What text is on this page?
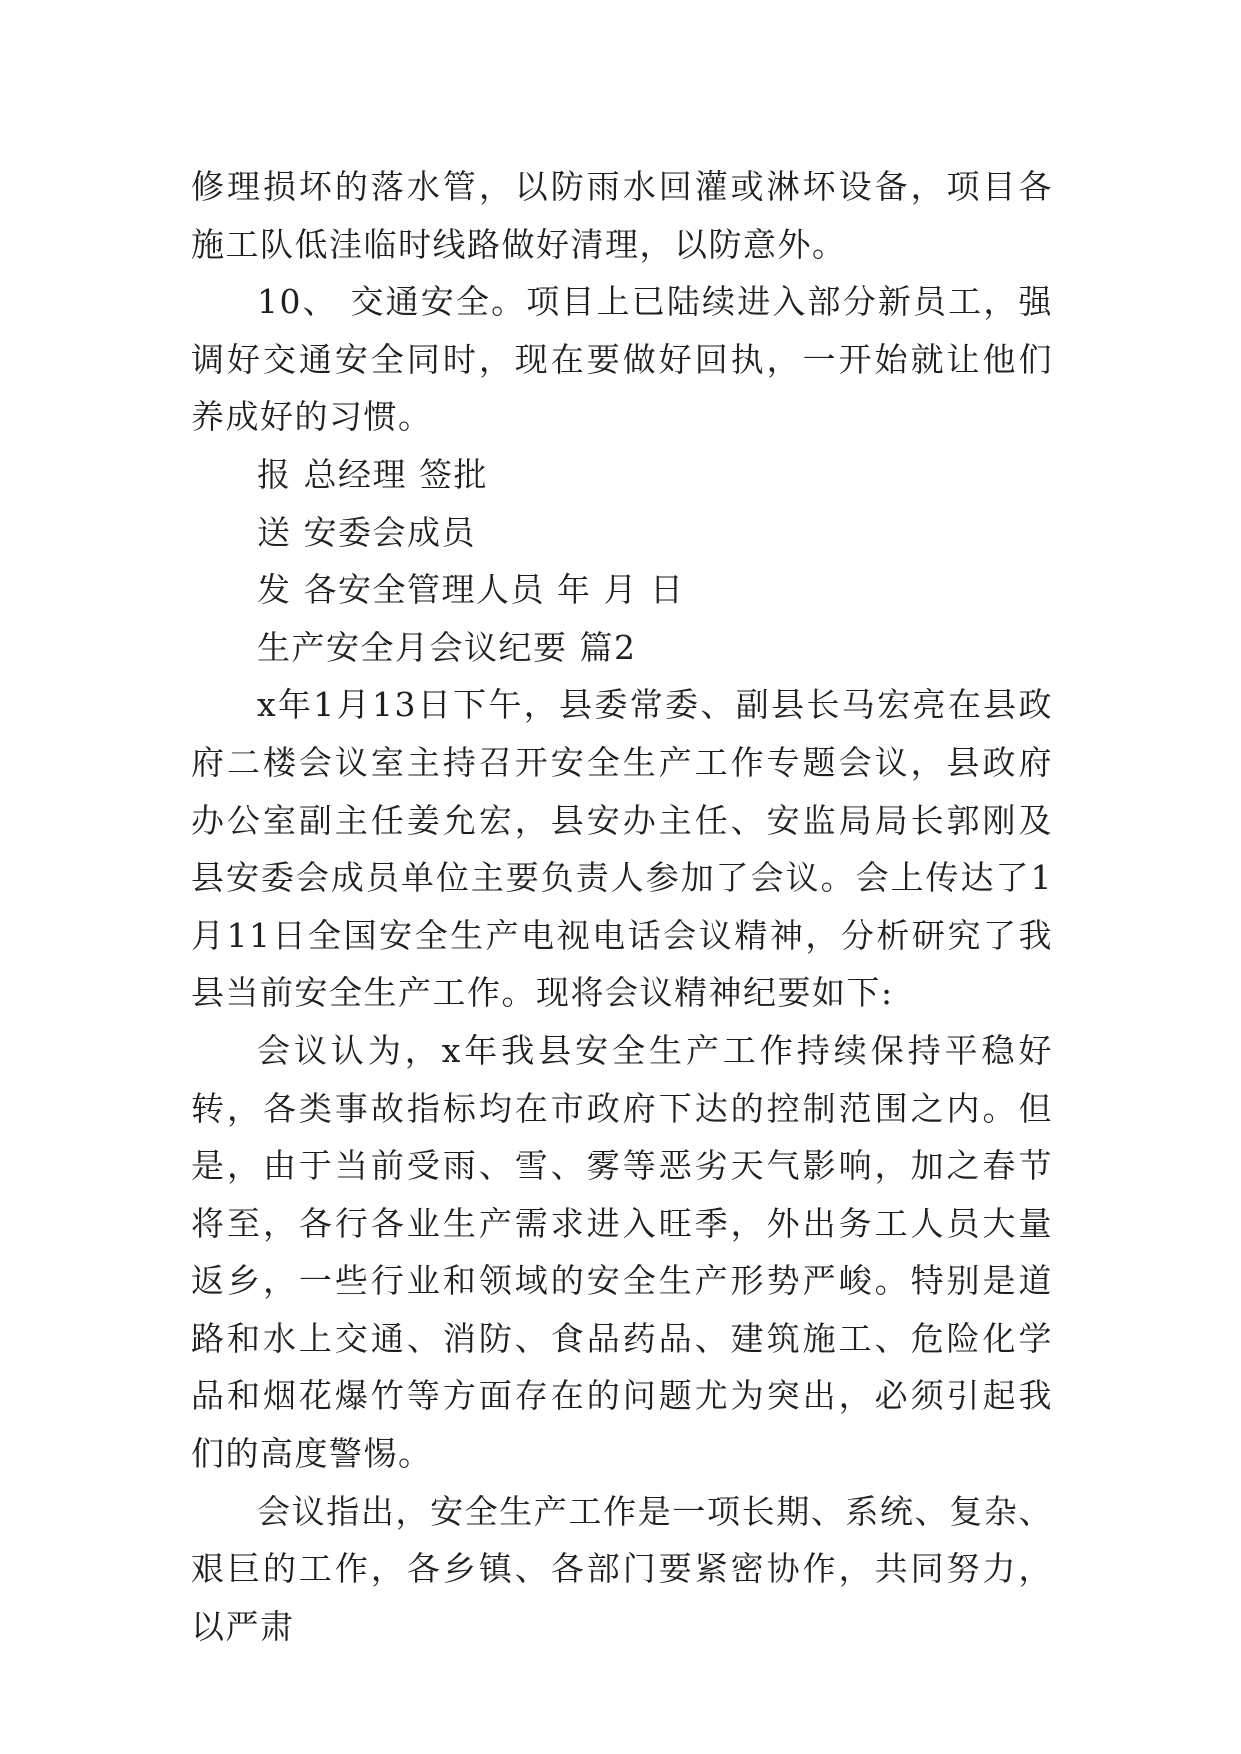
修理损坏的落水管，以防雨水回灌或淋坏设备，项目各施工队低洼临时线路做好清理，以防意外。

10、 交通安全。项目上已陆续进入部分新员工，强调好交通安全同时，现在要做好回执，一开始就让他们养成好的习惯。

报 总经理 签批

送 安委会成员

发 各安全管理人员 年 月 日

生产安全月会议纪要 篇2

x年1月13日下午，县委常委、副县长马宏亮在县政府二楼会议室主持召开安全生产工作专题会议，县政府办公室副主任姜允宏，县安办主任、安监局局长郭刚及县安委会成员单位主要负责人参加了会议。会上传达了1月11日全国安全生产电视电话会议精神，分析研究了我县当前安全生产工作。现将会议精神纪要如下:

会议认为，x年我县安全生产工作持续保持平稳好转，各类事故指标均在市政府下达的控制范围之内。但是，由于当前受雨、雪、雾等恶劣天气影响，加之春节将至，各行各业生产需求进入旺季，外出务工人员大量返乡，一些行业和领域的安全生产形势严峻。特别是道路和水上交通、消防、食品药品、建筑施工、危险化学品和烟花爆竹等方面存在的问题尤为突出，必须引起我们的高度警惕。

会议指出，安全生产工作是一项长期、系统、复杂、艰巨的工作，各乡镇、各部门要紧密协作，共同努力，以严肃
